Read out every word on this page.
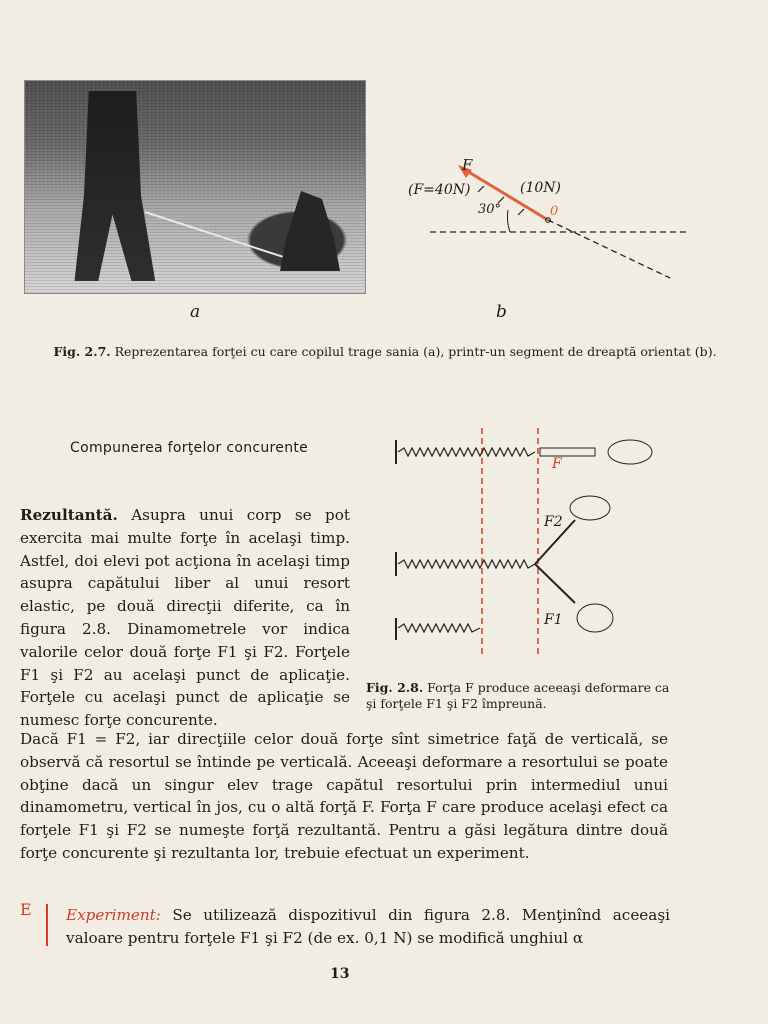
a
F
(F=40N)	(10N)
30°	0
b
Fig. 2.7. Reprezentarea forţei cu care copilul trage sania (a), printr-un segment de dreaptă orientat (b).
Compunerea forţelor concurente
F
F2
F1
Fig. 2.8. Forţa F produce aceeaşi deformare ca şi forţele F1 şi F2 împreună.
Rezultantă. Asupra unui corp se pot exercita mai multe forţe în acelaşi timp. Astfel, doi elevi pot acţiona în acelaşi timp asupra capătului liber al unui resort elastic, pe două direcţii diferite, ca în figura 2.8. Dinamometrele vor indica valorile celor două forţe F1 şi F2. Forţele F1 şi F2 au acelaşi punct de aplicaţie. Forţele cu acelaşi punct de aplicaţie se numesc forţe concurente.
Dacă F1 = F2, iar direcţiile celor două forţe sînt simetrice faţă de verticală, se observă că resortul se întinde pe verticală. Aceeaşi deformare a resortului se poate obţine dacă un singur elev trage capătul resortului prin intermediul unui dinamometru, vertical în jos, cu o altă forţă F. Forţa F care produce acelaşi efect ca forţele F1 şi F2 se numeşte forţă rezultantă. Pentru a găsi legătura dintre două forţe concurente şi rezultanta lor, trebuie efectuat un experiment.
E Experiment: Se utilizează dispozitivul din figura 2.8. Menţinînd aceeaşi valoare pentru forţele F1 şi F2 (de ex. 0,1 N) se modifică unghiul α
13
